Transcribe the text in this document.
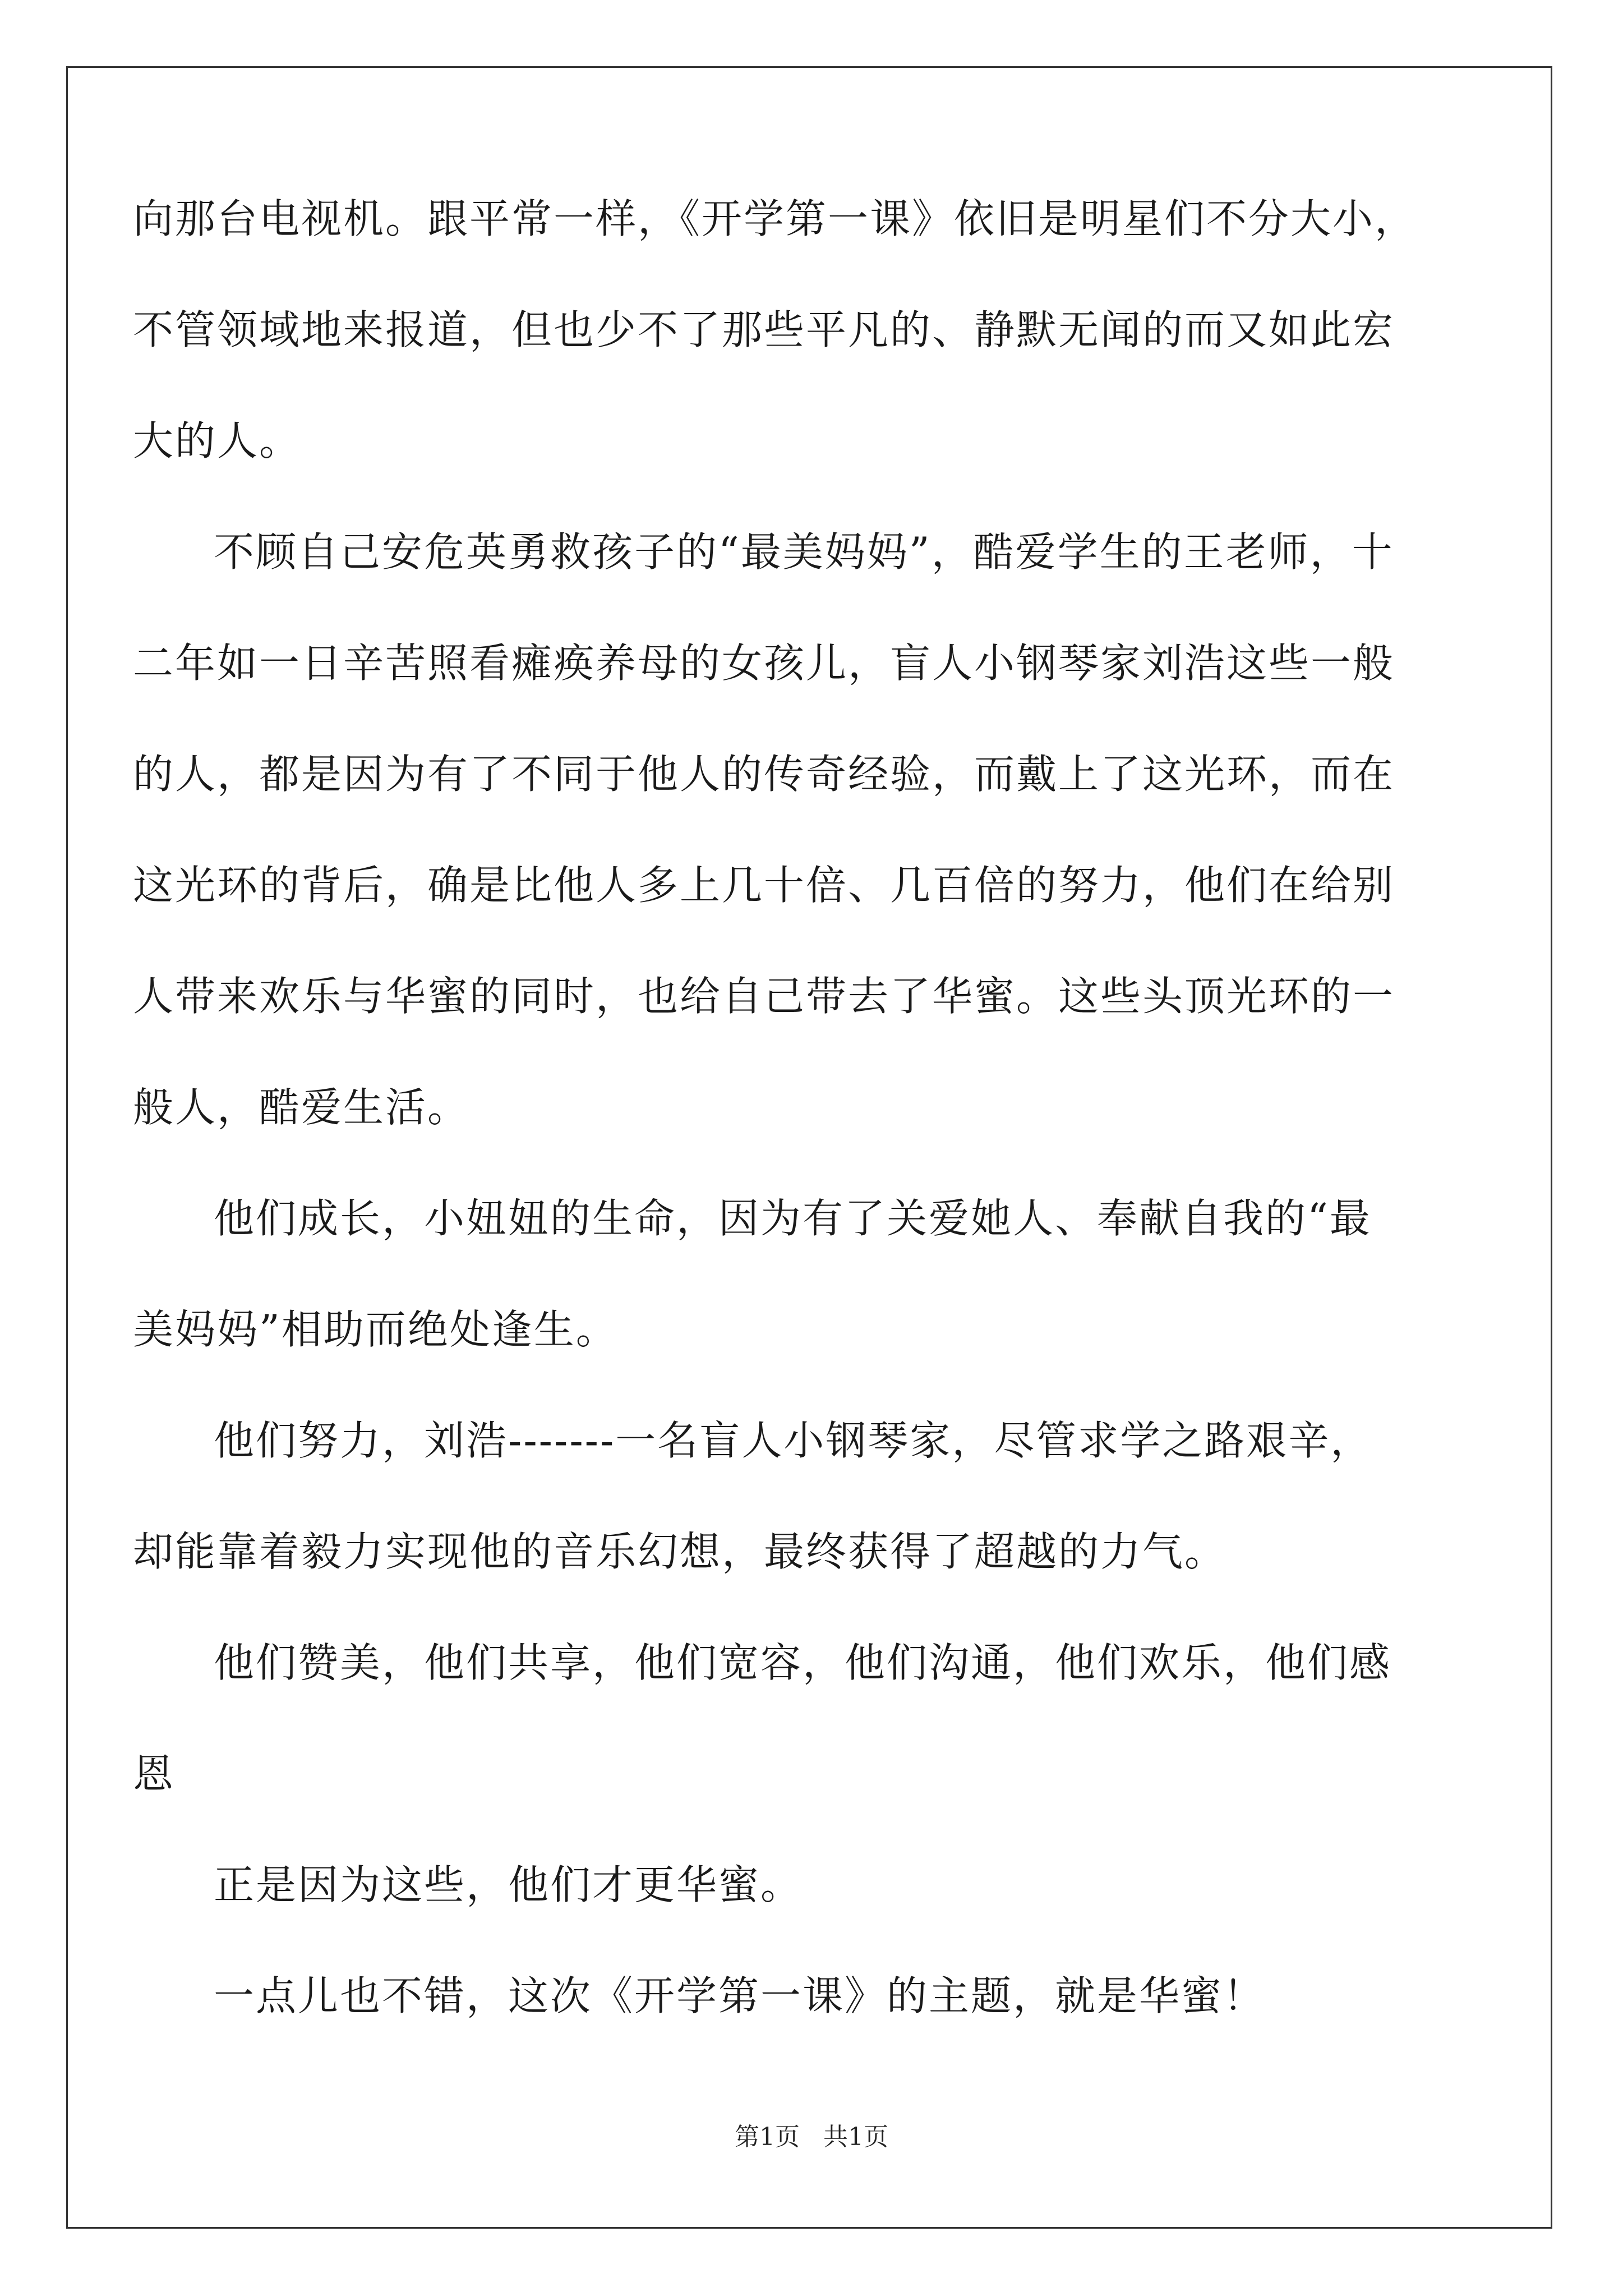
向那台电视机。跟平常一样，《开学第一课》依旧是明星们不分大小，
不管领域地来报道，但也少不了那些平凡的、静默无闻的而又如此宏
大的人。
不顾自己安危英勇救孩子的“最美妈妈”，酷爱学生的王老师，十
二年如一日辛苦照看瘫痪养母的女孩儿，盲人小钢琴家刘浩这些一般
的人，都是因为有了不同于他人的传奇经验，而戴上了这光环，而在
这光环的背后，确是比他人多上几十倍、几百倍的努力，他们在给别
人带来欢乐与华蜜的同时，也给自己带去了华蜜。这些头顶光环的一
般人，酷爱生活。
他们成长，小妞妞的生命，因为有了关爱她人、奉献自我的“最
美妈妈”相助而绝处逢生。
他们努力，刘浩-------一名盲人小钢琴家，尽管求学之路艰辛，
却能靠着毅力实现他的音乐幻想，最终获得了超越的力气。
他们赞美，他们共享，他们宽容，他们沟通，他们欢乐，他们感
恩
正是因为这些，他们才更华蜜。
一点儿也不错，这次《开学第一课》的主题，就是华蜜！
第1页   共1页
